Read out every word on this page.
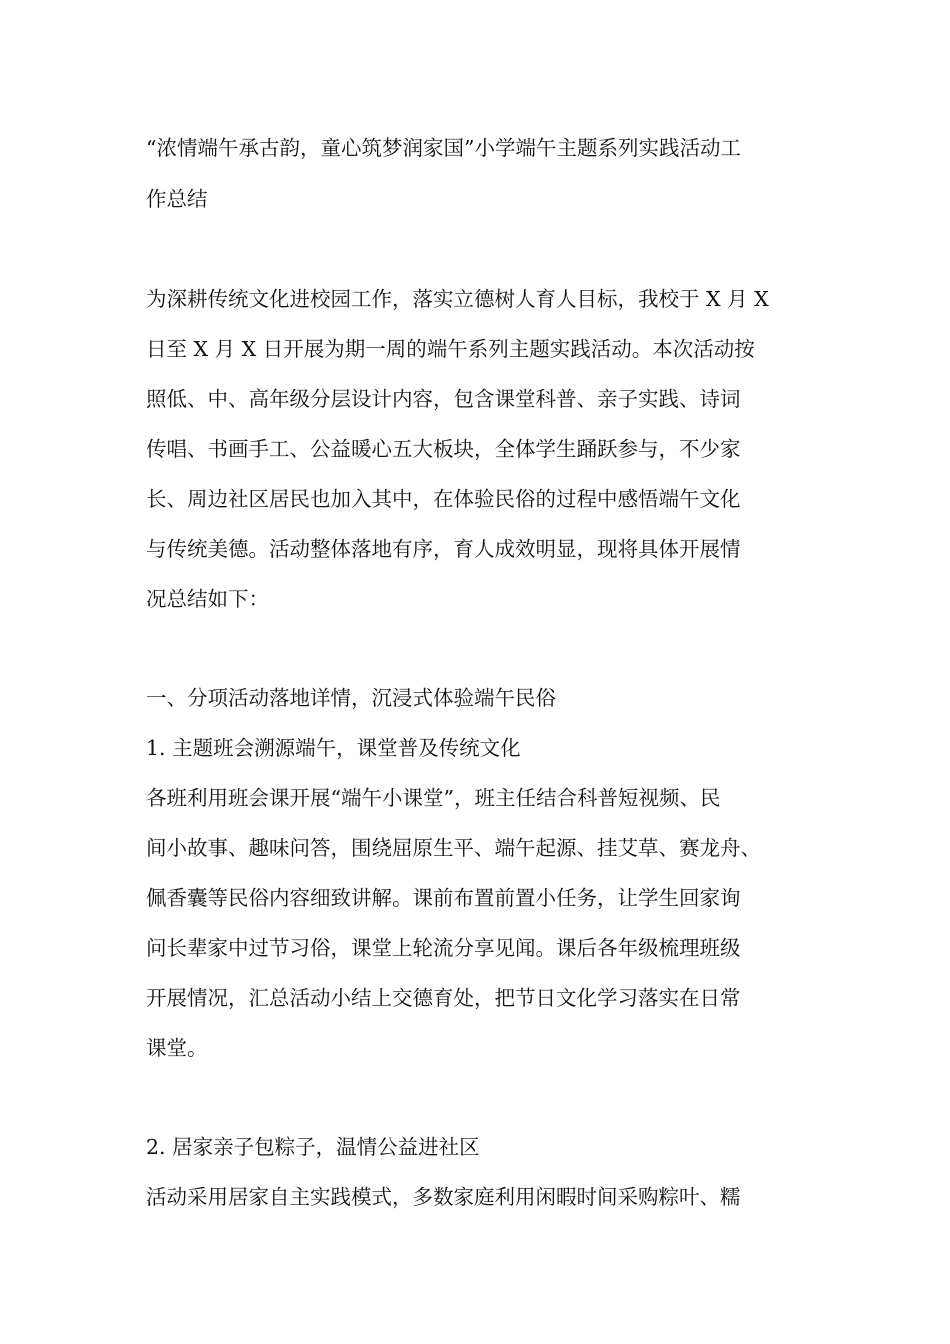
“浓情端午承古韵，童心筑梦润家国”小学端午主题系列实践活动工
作总结
为深耕传统文化进校园工作，落实立德树人育人目标，我校于 X 月 X
日至 X 月 X 日开展为期一周的端午系列主题实践活动。本次活动按
照低、中、高年级分层设计内容，包含课堂科普、亲子实践、诗词
传唱、书画手工、公益暖心五大板块，全体学生踊跃参与，不少家
长、周边社区居民也加入其中，在体验民俗的过程中感悟端午文化
与传统美德。活动整体落地有序，育人成效明显，现将具体开展情
况总结如下：
一、分项活动落地详情，沉浸式体验端午民俗
1. 主题班会溯源端午，课堂普及传统文化
各班利用班会课开展“端午小课堂”，班主任结合科普短视频、民
间小故事、趣味问答，围绕屈原生平、端午起源、挂艾草、赛龙舟、
佩香囊等民俗内容细致讲解。课前布置前置小任务，让学生回家询
问长辈家中过节习俗，课堂上轮流分享见闻。课后各年级梳理班级
开展情况，汇总活动小结上交德育处，把节日文化学习落实在日常
课堂。
2. 居家亲子包粽子，温情公益进社区
活动采用居家自主实践模式，多数家庭利用闲暇时间采购粽叶、糯
